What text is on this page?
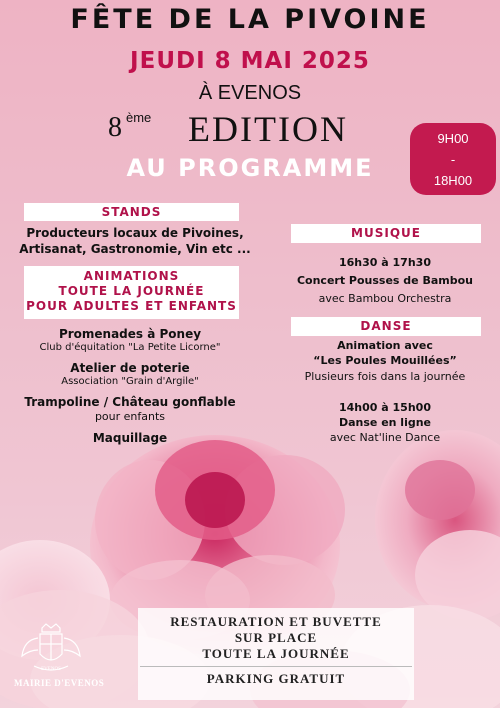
FÊTE DE LA PIVOINE
JEUDI 8 MAI 2025
À EVENOS
8 ème EDITION
AU PROGRAMME
9H00
-
18H00
STANDS
Producteurs locaux de Pivoines,
Artisanat, Gastronomie, Vin etc ...
ANIMATIONS
TOUTE LA JOURNÉE
POUR ADULTES ET ENFANTS
Promenades à Poney
Club d'équitation "La Petite Licorne"
Atelier de poterie
Association "Grain d'Argile"
Trampoline / Château gonflable
pour enfants
Maquillage
MUSIQUE
16h30 à 17h30
Concert Pousses de Bambou
avec Bambou Orchestra
DANSE
Animation avec
“Les Poules Mouillées”
Plusieurs fois dans la journée
14h00 à 15h00
Danse en ligne
avec Nat'line Dance
RESTAURATION ET BUVETTE
SUR PLACE
TOUTE LA JOURNÉE
PARKING GRATUIT
EVENOS
MAIRIE D'EVENOS
